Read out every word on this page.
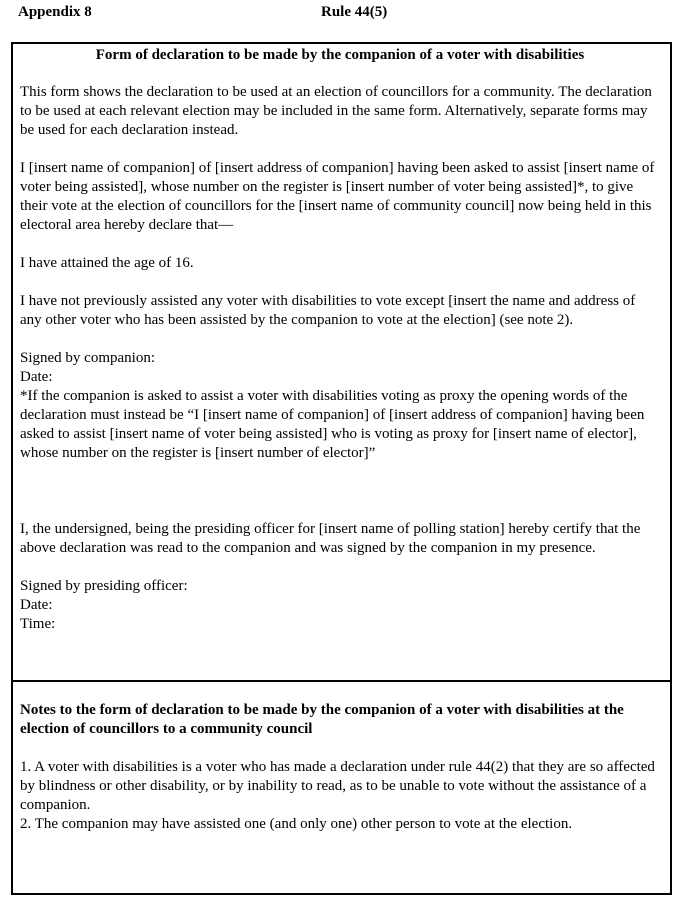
Appendix 8	Rule 44(5)

Form of declaration to be made by the companion of a voter with disabilities

This form shows the declaration to be used at an election of councillors for a community. The declaration to be used at each relevant election may be included in the same form. Alternatively, separate forms may be used for each declaration instead.

I [insert name of companion] of [insert address of companion] having been asked to assist [insert name of voter being assisted], whose number on the register is [insert number of voter being assisted]*, to give their vote at the election of councillors for the [insert name of community council] now being held in this electoral area hereby declare that—

I have attained the age of 16.

I have not previously assisted any voter with disabilities to vote except [insert the name and address of any other voter who has been assisted by the companion to vote at the election] (see note 2).

Signed by companion:

Date:

*If the companion is asked to assist a voter with disabilities voting as proxy the opening words of the declaration must instead be “I [insert name of companion] of [insert address of companion] having been asked to assist [insert name of voter being assisted] who is voting as proxy for [insert name of elector], whose number on the register is [insert number of elector]”

I, the undersigned, being the presiding officer for [insert name of polling station] hereby certify that the above declaration was read to the companion and was signed by the companion in my presence.

Signed by presiding officer:

Date:

Time:

Notes to the form of declaration to be made by the companion of a voter with disabilities at the election of councillors to a community council

1. A voter with disabilities is a voter who has made a declaration under rule 44(2) that they are so affected by blindness or other disability, or by inability to read, as to be unable to vote without the assistance of a companion.

2. The companion may have assisted one (and only one) other person to vote at the election.
